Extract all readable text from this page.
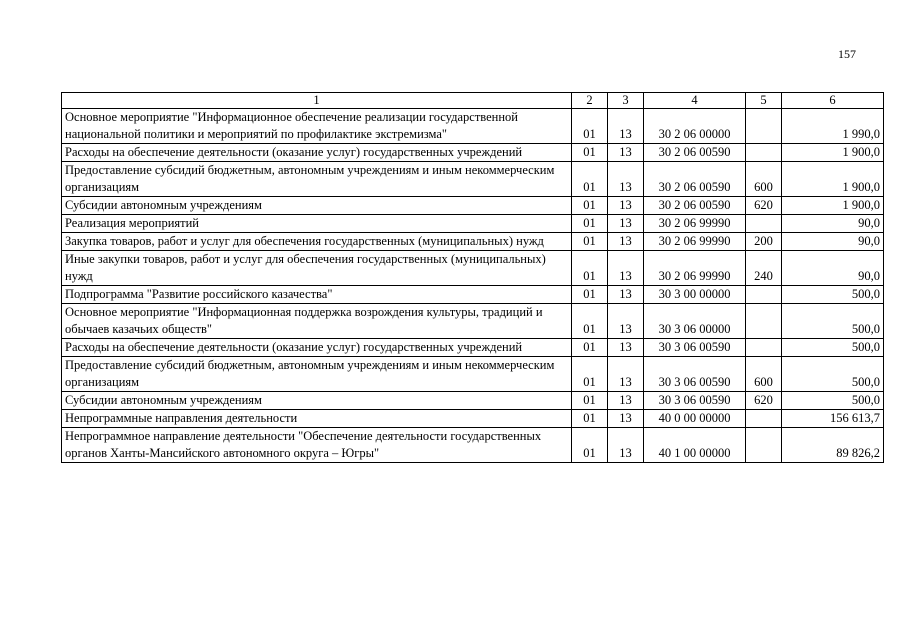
157
1	2	3	4	5	6
Основное мероприятие "Информационное обеспечение реализации государственной национальной политики и мероприятий по профилактике экстремизма"	01	13	30 2 06 00000		1 990,0
Расходы на обеспечение деятельности (оказание услуг) государственных учреждений	01	13	30 2 06 00590		1 900,0
Предоставление субсидий бюджетным, автономным учреждениям и иным некоммерческим организациям	01	13	30 2 06 00590	600	1 900,0
Субсидии автономным учреждениям	01	13	30 2 06 00590	620	1 900,0
Реализация мероприятий	01	13	30 2 06 99990		90,0
Закупка товаров, работ и услуг для обеспечения государственных (муниципальных) нужд	01	13	30 2 06 99990	200	90,0
Иные закупки товаров, работ и услуг для обеспечения государственных (муниципальных) нужд	01	13	30 2 06 99990	240	90,0
Подпрограмма "Развитие российского казачества"	01	13	30 3 00 00000		500,0
Основное мероприятие "Информационная поддержка возрождения культуры, традиций и обычаев казачьих обществ"	01	13	30 3 06 00000		500,0
Расходы на обеспечение деятельности (оказание услуг) государственных учреждений	01	13	30 3 06 00590		500,0
Предоставление субсидий бюджетным, автономным учреждениям и иным некоммерческим организациям	01	13	30 3 06 00590	600	500,0
Субсидии автономным учреждениям	01	13	30 3 06 00590	620	500,0
Непрограммные направления деятельности	01	13	40 0 00 00000		156 613,7
Непрограммное направление деятельности "Обеспечение деятельности государственных органов Ханты-Мансийского автономного округа – Югры"	01	13	40 1 00 00000		89 826,2
